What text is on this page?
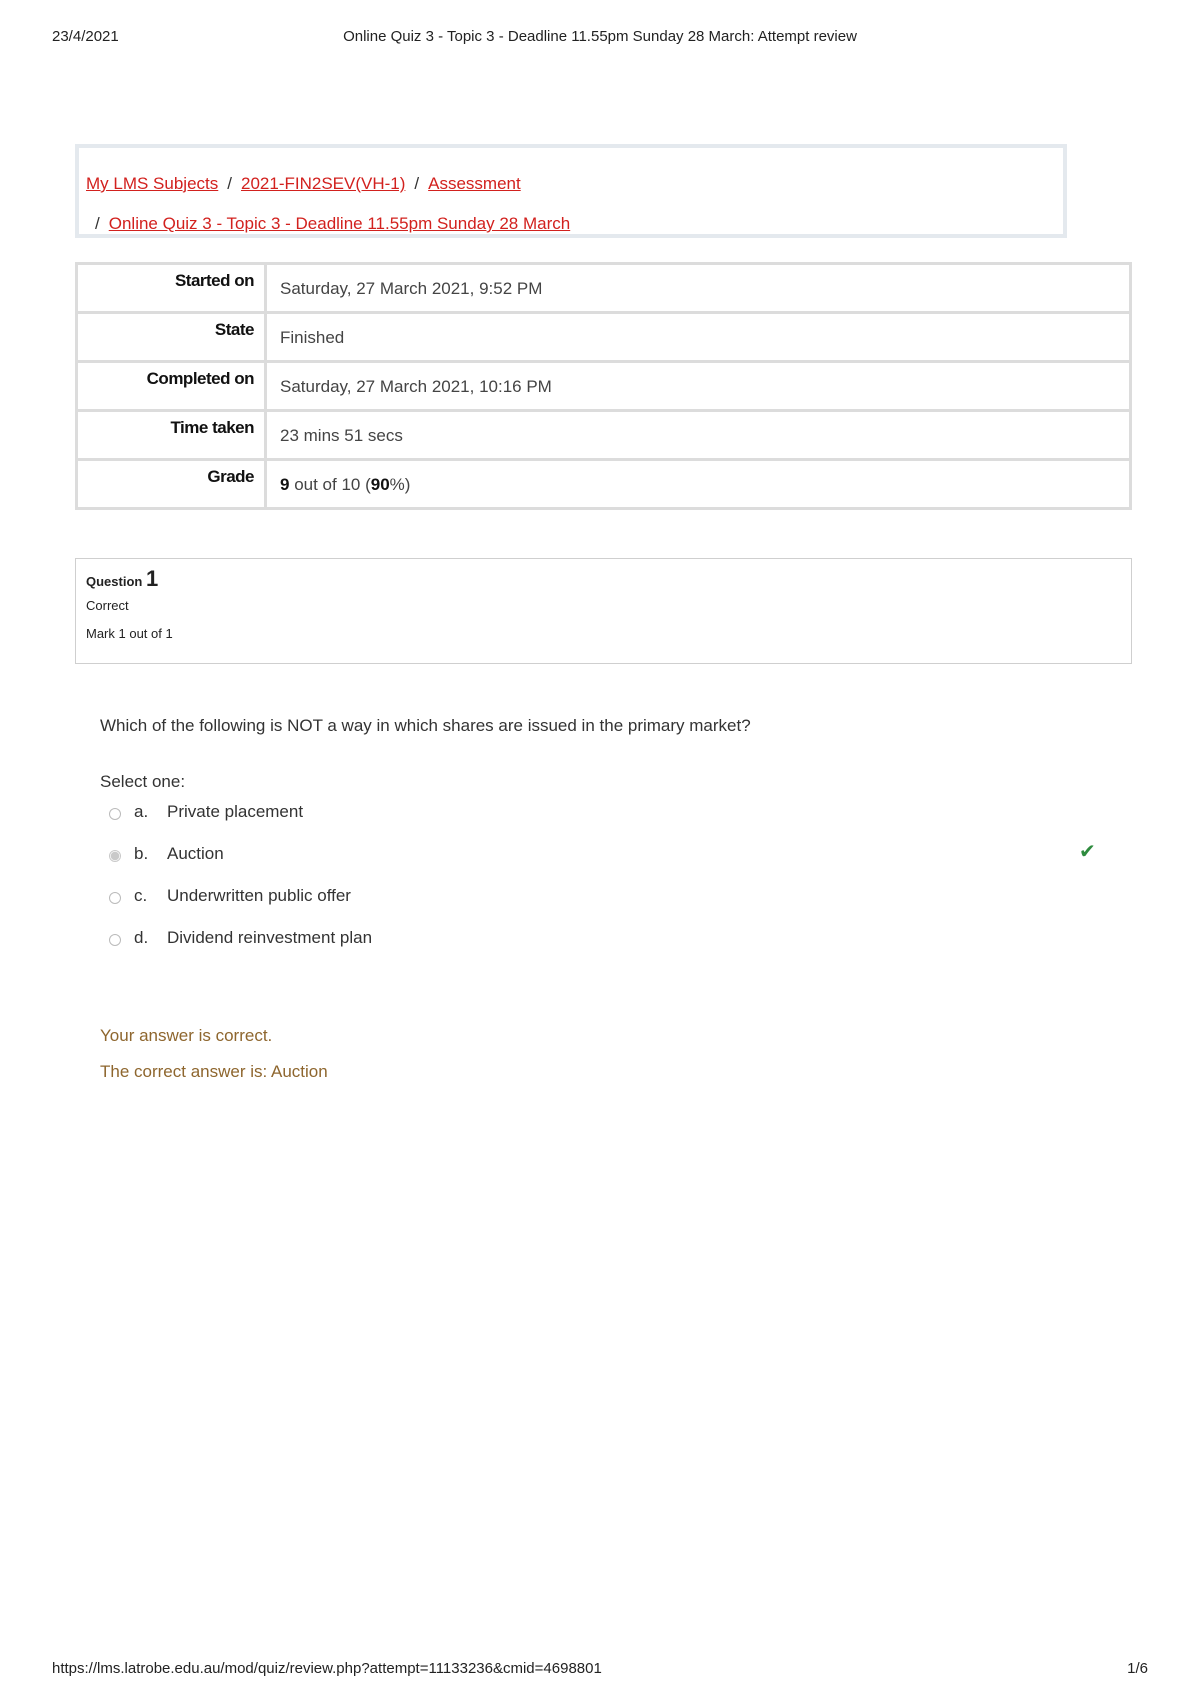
23/4/2021	Online Quiz 3 - Topic 3 - Deadline 11.55pm Sunday 28 March: Attempt review
My LMS Subjects / 2021-FIN2SEV(VH-1) / Assessment
/ Online Quiz 3 - Topic 3 - Deadline 11.55pm Sunday 28 March
Started on	Saturday, 27 March 2021, 9:52 PM
State	Finished
Completed on	Saturday, 27 March 2021, 10:16 PM
Time taken	23 mins 51 secs
Grade	9 out of 10 (90%)
Question 1
Correct
Mark 1 out of 1
Which of the following is NOT a way in which shares are issued in the primary market?
Select one:
a. Private placement
b. Auction	✔
c. Underwritten public offer
d. Dividend reinvestment plan
Your answer is correct.
The correct answer is: Auction
https://lms.latrobe.edu.au/mod/quiz/review.php?attempt=11133236&cmid=4698801	1/6
